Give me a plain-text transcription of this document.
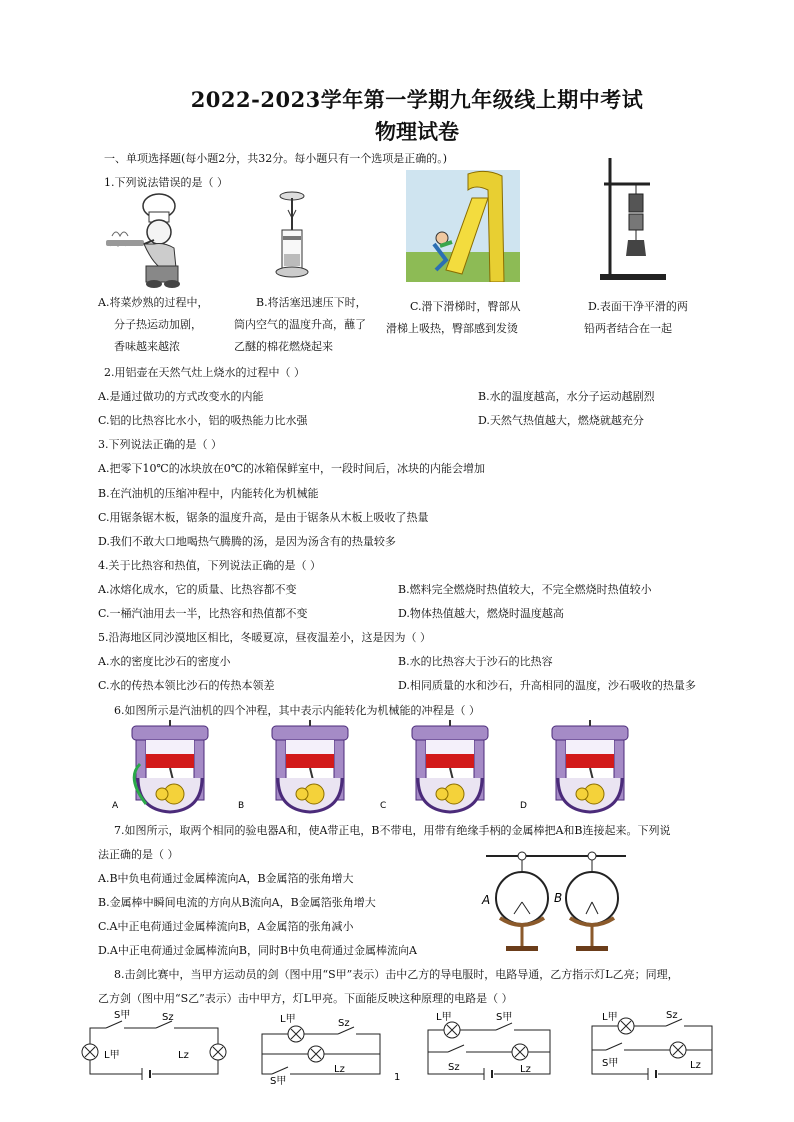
2022-2023学年第一学期九年级线上期中考试
物理试卷
一、单项选择题(每小题2分，共32分。每小题只有一个选项是正确的。)
1.下列说法错误的是（ ）
A.将菜炒熟的过程中，
分子热运动加剧，
香味越来越浓
B.将活塞迅速压下时，
筒内空气的温度升高，蘸了
乙醚的棉花燃烧起来
C.滑下滑梯时，臀部从
滑梯上吸热，臀部感到发烫
D.表面干净平滑的两
铅两者结合在一起
2.用铝壶在天然气灶上烧水的过程中（ ）
A.是通过做功的方式改变水的内能	B.水的温度越高，水分子运动越剧烈
C.铝的比热容比水小，铝的吸热能力比水强	D.天然气热值越大，燃烧就越充分
3.下列说法正确的是（ ）
A.把零下10℃的冰块放在0℃的冰箱保鲜室中，一段时间后，冰块的内能会增加
B.在汽油机的压缩冲程中，内能转化为机械能
C.用锯条锯木板，锯条的温度升高，是由于锯条从木板上吸收了热量
D.我们不敢大口地喝热气腾腾的汤，是因为汤含有的热量较多
4.关于比热容和热值，下列说法正确的是（ ）
A.冰熔化成水，它的质量、比热容都不变	B.燃料完全燃烧时热值较大，不完全燃烧时热值较小
C.一桶汽油用去一半，比热容和热值都不变	D.物体热值越大，燃烧时温度越高
5.沿海地区同沙漠地区相比，冬暖夏凉，昼夜温差小，这是因为（ ）
A.水的密度比沙石的密度小	B.水的比热容大于沙石的比热容
C.水的传热本领比沙石的传热本领差	D.相同质量的水和沙石，升高相同的温度，沙石吸收的热量多
6.如图所示是汽油机的四个冲程，其中表示内能转化为机械能的冲程是（ ）
A	B	C	D
7.如图所示，取两个相同的验电器A和，使A带正电，B不带电，用带有绝缘手柄的金属棒把A和B连接起来。下列说
法正确的是（ ）
A.B中负电荷通过金属棒流向A，B金属箔的张角增大
B.金属棒中瞬间电流的方向从B流向A，B金属箔张角增大
C.A中正电荷通过金属棒流向B，A金属箔的张角减小
D.A中正电荷通过金属棒流向B，同时B中负电荷通过金属棒流向A
A	B
8.击剑比赛中，当甲方运动员的剑（图中用“S甲”表示）击中乙方的导电服时，电路导通，乙方指示灯L乙亮；同理，
乙方剑（图中用“S乙”表示）击中甲方，灯L甲亮。下面能反映这种原理的电路是（ ）
S甲	Sz
L甲	Lz
L甲	Sz
S甲
Lz
L甲	S甲
Sz	Lz
L甲	Sz
S甲	Lz
1
